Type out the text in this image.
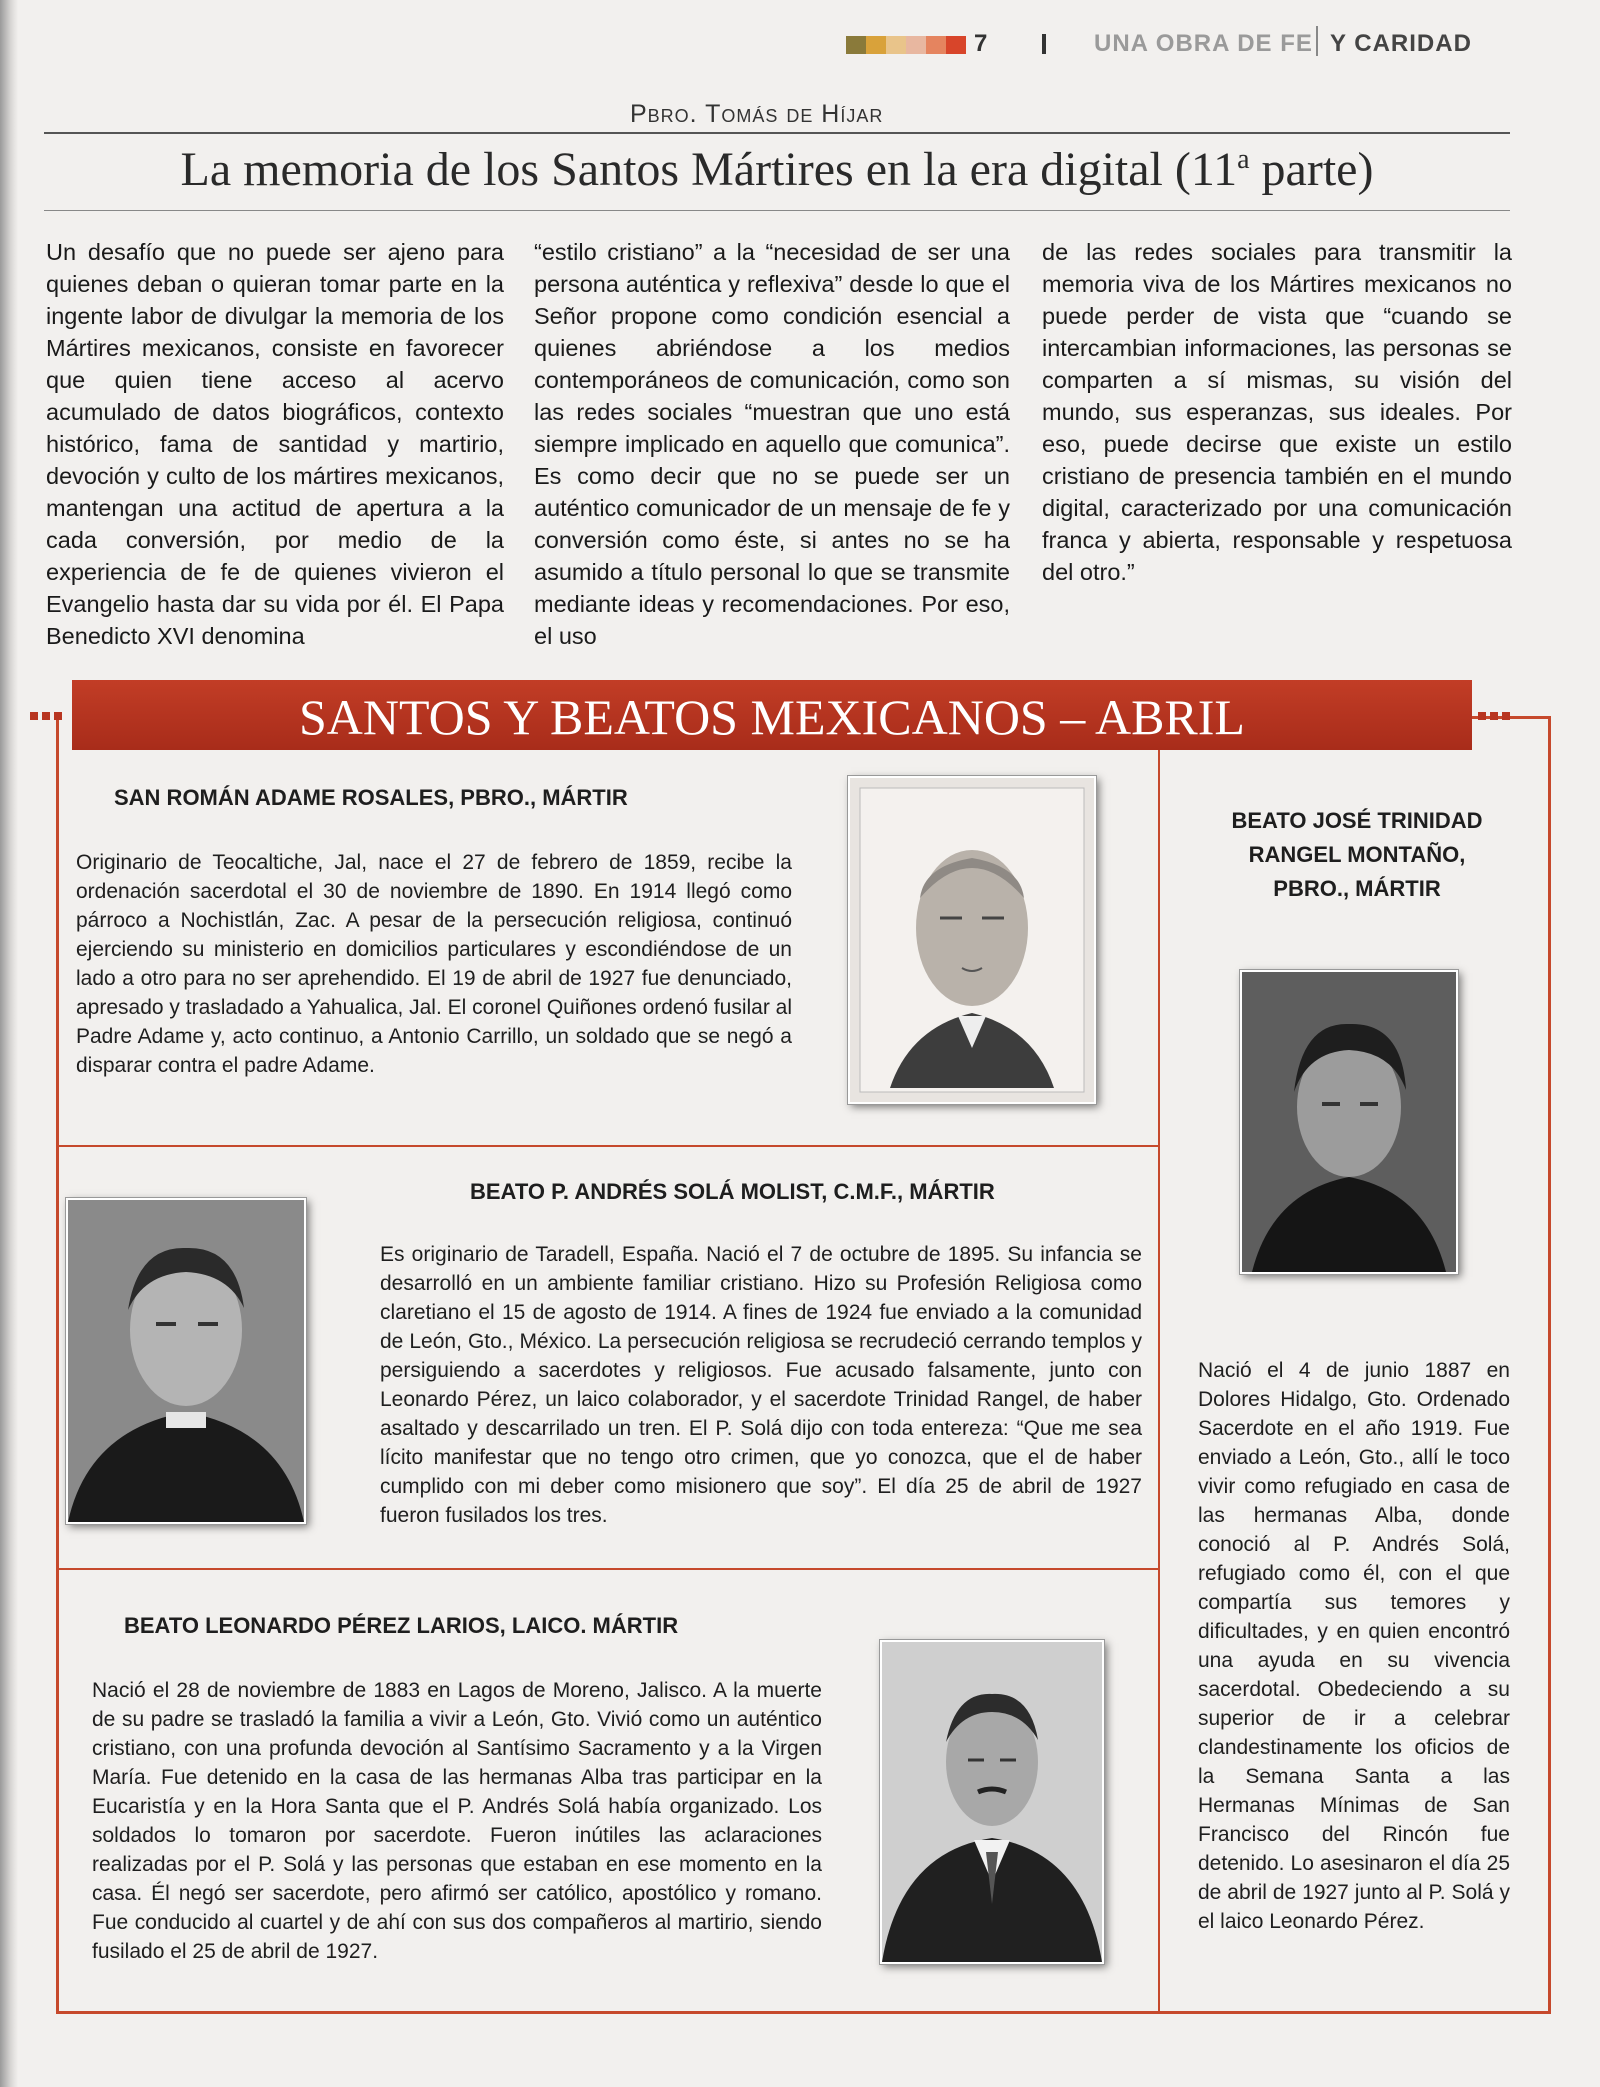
7	UNA OBRA DE FE Y CARIDAD
Pbro. Tomás de Híjar
La memoria de los Santos Mártires en la era digital (11$^a$ parte)

Un desafío que no puede ser ajeno para quienes deban o quieran tomar parte en la ingente labor de divulgar la memoria de los Mártires mexicanos, consiste en favorecer que quien tiene acceso al acervo acumulado de datos biográficos, contexto histórico, fama de santidad y martirio, devoción y culto de los mártires mexicanos, mantengan una actitud de apertura a la cada conversión, por medio de la experiencia de fe de quienes vivieron el Evangelio hasta dar su vida por él. El Papa Benedicto XVI denomina

“estilo cristiano” a la “necesidad de ser una persona auténtica y reflexiva” desde lo que el Señor propone como condición esencial a quienes abriéndose a los medios contemporáneos de comunicación, como son las redes sociales “muestran que uno está siempre implicado en aquello que comunica”. Es como decir que no se puede ser un auténtico comunicador de un mensaje de fe y conversión como éste, si antes no se ha asumido a título personal lo que se transmite mediante ideas y recomendaciones. Por eso, el uso

de las redes sociales para transmitir la memoria viva de los Mártires mexicanos no puede perder de vista que “cuando se intercambian informaciones, las personas se comparten a sí mismas, su visión del mundo, sus esperanzas, sus ideales. Por eso, puede decirse que existe un estilo cristiano de presencia también en el mundo digital, caracterizado por una comunicación franca y abierta, responsable y respetuosa del otro.”

SANTOS Y BEATOS MEXICANOS – ABRIL
SAN ROMÁN ADAME ROSALES, PBRO., MÁRTIR

Originario de Teocaltiche, Jal, nace el 27 de febrero de 1859, recibe la ordenación sacerdotal el 30 de noviembre de 1890. En 1914 llegó como párroco a Nochistlán, Zac. A pesar de la persecución religiosa, continuó ejerciendo su ministerio en domicilios particulares y escondiéndose de un lado a otro para no ser aprehendido. El 19 de abril de 1927 fue denunciado, apresado y trasladado a Yahualica, Jal. El coronel Quiñones ordenó fusilar al Padre Adame y, acto continuo, a Antonio Carrillo, un soldado que se negó a disparar contra el padre Adame.

BEATO JOSÉ TRINIDAD
RANGEL MONTAÑO,
PBRO., MÁRTIR

Nació el 4 de junio 1887 en Dolores Hidalgo, Gto. Ordenado Sacerdote en el año 1919. Fue enviado a León, Gto., allí le toco vivir como refugiado en casa de las hermanas Alba, donde conoció al P. Andrés Solá, refugiado como él, con el que compartía sus temores y dificultades, y en quien encontró una ayuda en su vivencia sacerdotal. Obedeciendo a su superior de ir a celebrar clandestinamente los oficios de la Semana Santa a las Hermanas Mínimas de San Francisco del Rincón fue detenido. Lo asesinaron el día 25 de abril de 1927 junto al P. Solá y el laico Leonardo Pérez.

BEATO P. ANDRÉS SOLÁ MOLIST, C.M.F., MÁRTIR

Es originario de Taradell, España. Nació el 7 de octubre de 1895. Su infancia se desarrolló en un ambiente familiar cristiano. Hizo su Profesión Religiosa como claretiano el 15 de agosto de 1914. A fines de 1924 fue enviado a la comunidad de León, Gto., México. La persecución religiosa se recrudeció cerrando templos y persiguiendo a sacerdotes y religiosos. Fue acusado falsamente, junto con Leonardo Pérez, un laico colaborador, y el sacerdote Trinidad Rangel, de haber asaltado y descarrilado un tren. El P. Solá dijo con toda entereza: “Que me sea lícito manifestar que no tengo otro crimen, que yo conozca, que el de haber cumplido con mi deber como misionero que soy”. El día 25 de abril de 1927 fueron fusilados los tres.

BEATO LEONARDO PÉREZ LARIOS, LAICO. MÁRTIR

Nació el 28 de noviembre de 1883 en Lagos de Moreno, Jalisco. A la muerte de su padre se trasladó la familia a vivir a León, Gto. Vivió como un auténtico cristiano, con una profunda devoción al Santísimo Sacramento y a la Virgen María. Fue detenido en la casa de las hermanas Alba tras participar en la Eucaristía y en la Hora Santa que el P. Andrés Solá había organizado. Los soldados lo tomaron por sacerdote. Fueron inútiles las aclaraciones realizadas por el P. Solá y las personas que estaban en ese momento en la casa. Él negó ser sacerdote, pero afirmó ser católico, apostólico y romano. Fue conducido al cuartel y de ahí con sus dos compañeros al martirio, siendo fusilado el 25 de abril de 1927.
